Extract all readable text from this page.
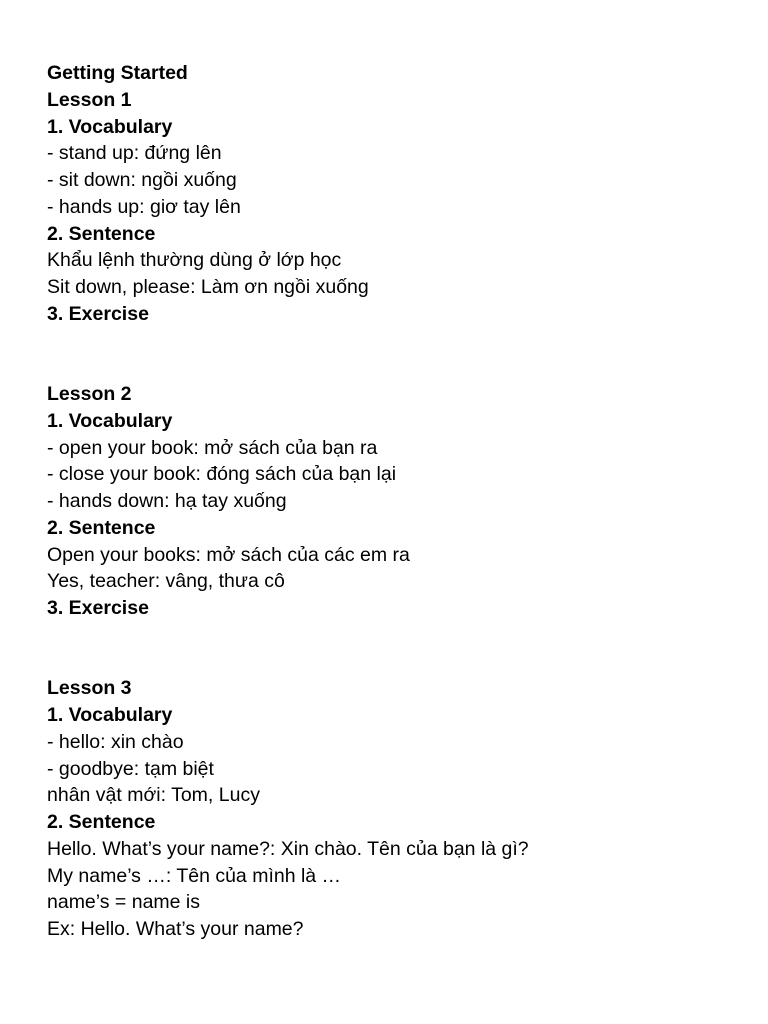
Getting Started
Lesson 1
1. Vocabulary
- stand up: đứng lên
- sit down: ngồi xuống
- hands up: giơ tay lên
2. Sentence
Khẩu lệnh thường dùng ở lớp học
Sit down, please: Làm ơn ngồi xuống
3. Exercise
Lesson 2
1. Vocabulary
- open your book: mở sách của bạn ra
- close your book: đóng sách của bạn lại
- hands down: hạ tay xuống
2. Sentence
Open your books: mở sách của các em ra
Yes, teacher: vâng, thưa cô
3. Exercise
Lesson 3
1. Vocabulary
- hello: xin chào
- goodbye: tạm biệt
nhân vật mới: Tom, Lucy
2. Sentence
Hello. What’s your name?: Xin chào. Tên của bạn là gì?
My name’s …: Tên của mình là …
name’s = name is
Ex: Hello. What’s your name?
